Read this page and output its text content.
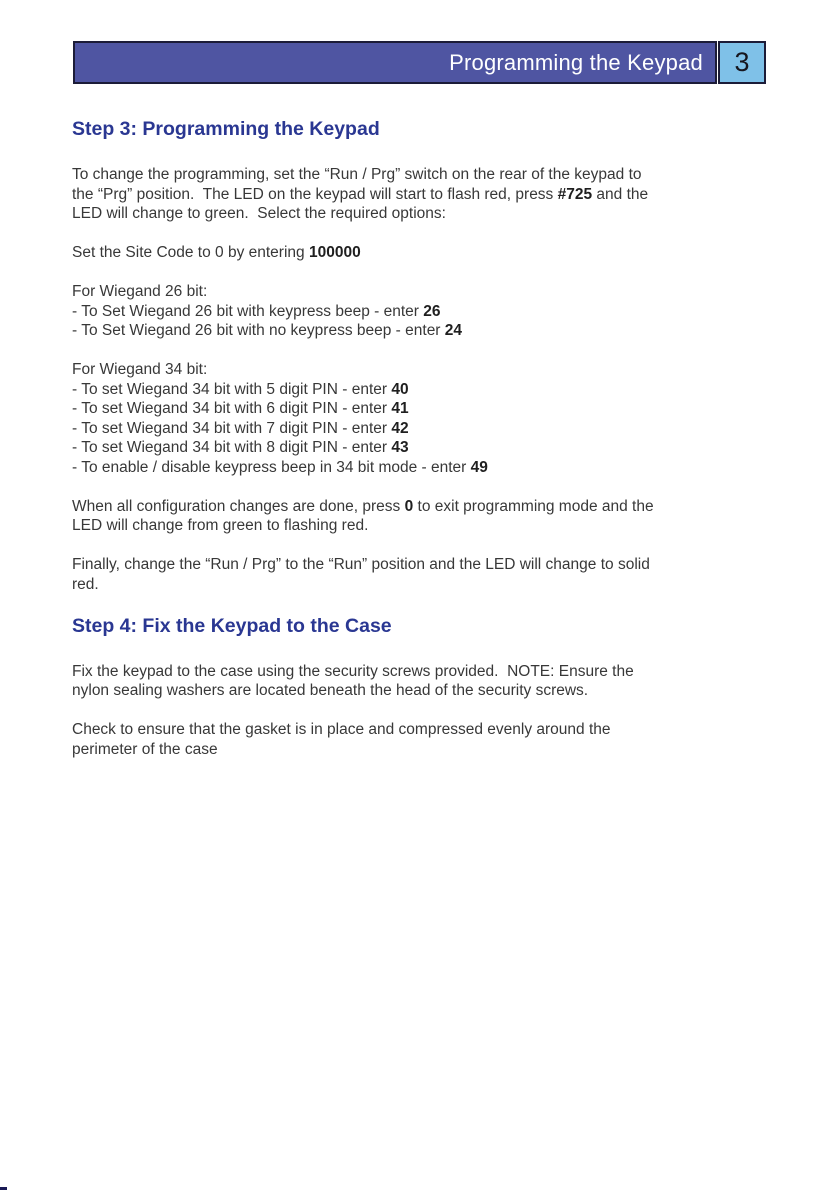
Programming the Keypad 3
Step 3: Programming the Keypad
To change the programming, set the “Run / Prg” switch on the rear of the keypad to
the “Prg” position.  The LED on the keypad will start to flash red, press #725 and the
LED will change to green.  Select the required options:
Set the Site Code to 0 by entering 100000
For Wiegand 26 bit:
- To Set Wiegand 26 bit with keypress beep - enter 26
- To Set Wiegand 26 bit with no keypress beep - enter 24
For Wiegand 34 bit:
- To set Wiegand 34 bit with 5 digit PIN - enter 40
- To set Wiegand 34 bit with 6 digit PIN - enter 41
- To set Wiegand 34 bit with 7 digit PIN - enter 42
- To set Wiegand 34 bit with 8 digit PIN - enter 43
- To enable / disable keypress beep in 34 bit mode - enter 49
When all configuration changes are done, press 0 to exit programming mode and the
LED will change from green to flashing red.
Finally, change the “Run / Prg” to the “Run” position and the LED will change to solid
red.
Step 4: Fix the Keypad to the Case
Fix the keypad to the case using the security screws provided.  NOTE: Ensure the
nylon sealing washers are located beneath the head of the security screws.
Check to ensure that the gasket is in place and compressed evenly around the
perimeter of the case
